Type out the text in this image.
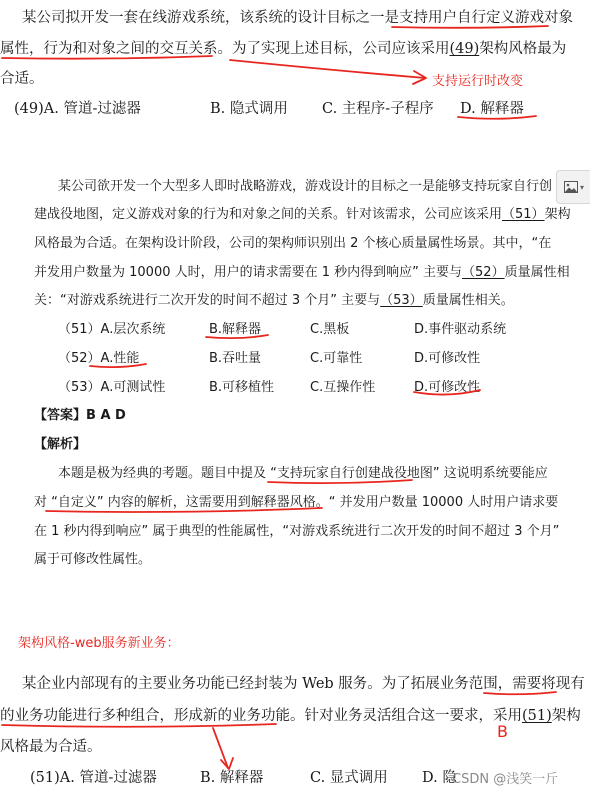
某公司拟开发一套在线游戏系统，该系统的设计目标之一是支持用户自行定义游戏对象
属性，行为和对象之间的交互关系。为了实现上述目标，公司应该采用(49)架构风格最为
合适。	支持运行时改变
(49)A. 管道-过滤器	B. 隐式调用 C. 主程序-子程序 D. 解释器
▾
某公司欲开发一个大型多人即时战略游戏，游戏设计的目标之一是能够支持玩家自行创
建战役地图，定义游戏对象的行为和对象之间的关系。针对该需求，公司应该采用（51）架构
风格最为合适。在架构设计阶段，公司的架构师识别出 2 个核心质量属性场景。其中，“在
并发用户数量为 10000 人时，用户的请求需要在 1 秒内得到响应” 主要与（52）质量属性相
关：“对游戏系统进行二次开发的时间不超过 3 个月” 主要与（53）质量属性相关。
（51）A.层次系统	B.解释器	C.黑板	D.事件驱动系统
（52）A.性能	B.吞吐量	C.可靠性	D.可修改性
（53）A.可测试性	B.可移植性	C.互操作性	D.可修改性
【答案】B A D
【解析】
本题是极为经典的考题。题目中提及 “支持玩家自行创建战役地图” 这说明系统要能应
对 “自定义” 内容的解析，这需要用到解释器风格。“ 并发用户数量 10000 人时用户请求要
在 1 秒内得到响应” 属于典型的性能属性，“对游戏系统进行二次开发的时间不超过 3 个月”
属于可修改性属性。
架构风格-web服务新业务：
某企业内部现有的主要业务功能已经封装为 Web 服务。为了拓展业务范围，需要将现有
的业务功能进行多种组合，形成新的业务功能。针对业务灵活组合这一要求，采用(51)架构
风格最为合适。
B
(51)A. 管道-过滤器	B. 解释器	C. 显式调用 D. 隐
CSDN @浅笑一斤
